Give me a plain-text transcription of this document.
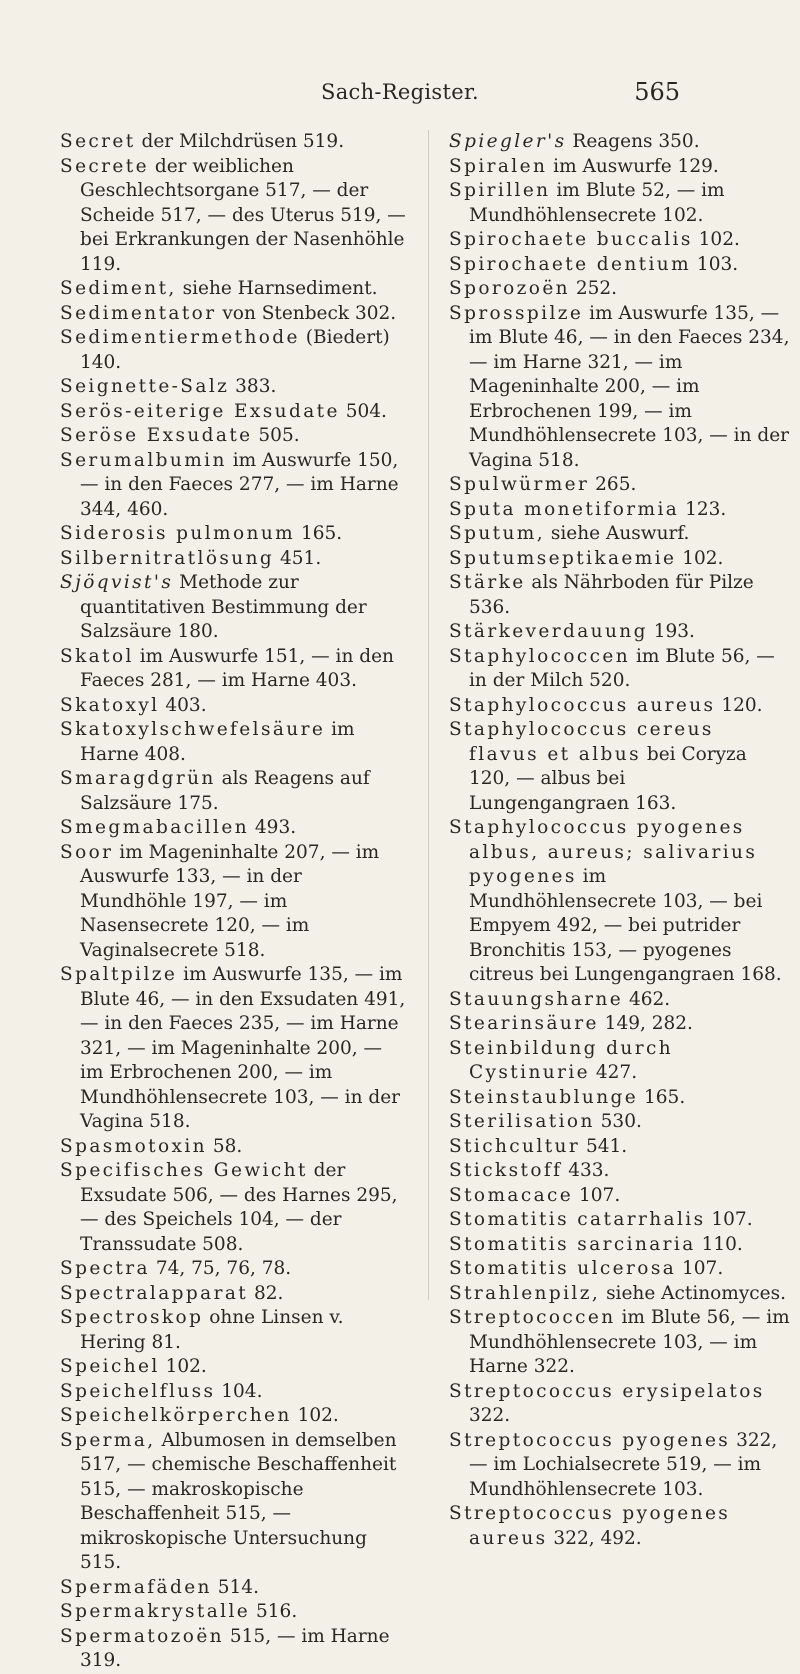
Sach-Register.	565

Secret der Milchdrüsen 519.

Secrete der weiblichen Geschlechtsorgane 517, — der Scheide 517, — des Uterus 519, — bei Erkrankungen der Nasenhöhle 119.

Sediment, siehe Harnsediment.

Sedimentator von Stenbeck 302.

Sedimentiermethode (Biedert) 140.

Seignette-Salz 383.

Serös-eiterige Exsudate 504.

Seröse Exsudate 505.

Serumalbumin im Auswurfe 150, — in den Faeces 277, — im Harne 344, 460.

Siderosis pulmonum 165.

Silbernitratlösung 451.

Sjöqvist's Methode zur quantitativen Bestimmung der Salzsäure 180.

Skatol im Auswurfe 151, — in den Faeces 281, — im Harne 403.

Skatoxyl 403.

Skatoxylschwefelsäure im Harne 408.

Smaragdgrün als Reagens auf Salzsäure 175.

Smegmabacillen 493.

Soor im Mageninhalte 207, — im Auswurfe 133, — in der Mundhöhle 197, — im Nasensecrete 120, — im Vaginalsecrete 518.

Spaltpilze im Auswurfe 135, — im Blute 46, — in den Exsudaten 491, — in den Faeces 235, — im Harne 321, — im Mageninhalte 200, — im Erbrochenen 200, — im Mundhöhlensecrete 103, — in der Vagina 518.

Spasmotoxin 58.

Specifisches Gewicht der Exsudate 506, — des Harnes 295, — des Speichels 104, — der Transsudate 508.

Spectra 74, 75, 76, 78.

Spectralapparat 82.

Spectroskop ohne Linsen v. Hering 81.

Speichel 102.

Speichelfluss 104.

Speichelkörperchen 102.

Sperma, Albumosen in demselben 517, — chemische Beschaffenheit 515, — makroskopische Beschaffenheit 515, — mikroskopische Untersuchung 515.

Spermafäden 514.

Spermakrystalle 516.

Spermatozoën 515, — im Harne 319.

Spiegler's Reagens 350.

Spiralen im Auswurfe 129.

Spirillen im Blute 52, — im Mundhöhlensecrete 102.

Spirochaete buccalis 102.

Spirochaete dentium 103.

Sporozoën 252.

Sprosspilze im Auswurfe 135, — im Blute 46, — in den Faeces 234, — im Harne 321, — im Mageninhalte 200, — im Erbrochenen 199, — im Mundhöhlensecrete 103, — in der Vagina 518.

Spulwürmer 265.

Sputa monetiformia 123.

Sputum, siehe Auswurf.

Sputumseptikaemie 102.

Stärke als Nährboden für Pilze 536.

Stärkeverdauung 193.

Staphylococcen im Blute 56, — in der Milch 520.

Staphylococcus aureus 120.

Staphylococcus cereus flavus et albus bei Coryza 120, — albus bei Lungengangraen 163.

Staphylococcus pyogenes albus, aureus; salivarius pyogenes im Mundhöhlensecrete 103, — bei Empyem 492, — bei putrider Bronchitis 153, — pyogenes citreus bei Lungengangraen 168.

Stauungsharne 462.

Stearinsäure 149, 282.

Steinbildung durch Cystinurie 427.

Steinstaublunge 165.

Sterilisation 530.

Stichcultur 541.

Stickstoff 433.

Stomacace 107.

Stomatitis catarrhalis 107.

Stomatitis sarcinaria 110.

Stomatitis ulcerosa 107.

Strahlenpilz, siehe Actinomyces.

Streptococcen im Blute 56, — im Mundhöhlensecrete 103, — im Harne 322.

Streptococcus erysipelatos 322.

Streptococcus pyogenes 322, — im Lochialsecrete 519, — im Mundhöhlensecrete 103.

Streptococcus pyogenes aureus 322, 492.
